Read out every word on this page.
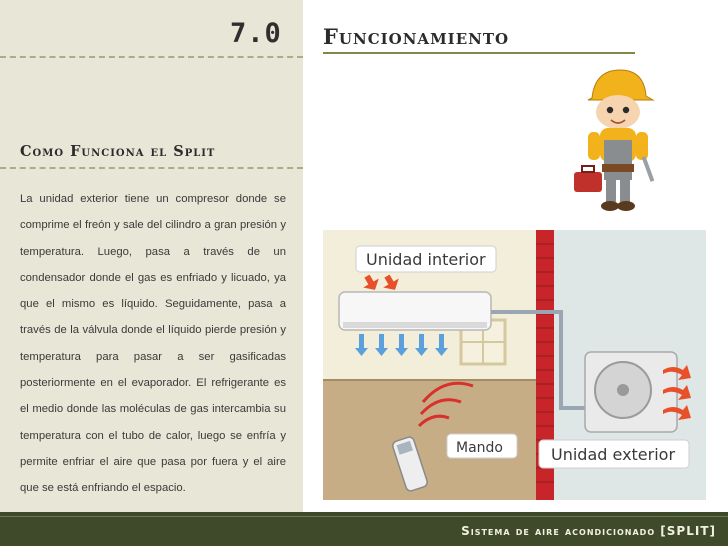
7.0 Funcionamiento
Como Funciona el Split

La unidad exterior tiene un compresor donde se comprime el freón y sale del cilindro a gran presión y temperatura. Luego, pasa a través de un condensador donde el gas es enfriado y licuado, ya que el mismo es líquido. Seguidamente, pasa a través de la válvula donde el líquido pierde presión y temperatura para pasar a ser gasificadas posteriormente en el evaporador. El refrigerante es el medio donde las moléculas de gas intercambia su temperatura con el tubo de calor, luego se enfría y permite enfriar el aire que pasa por fuera y el aire que se está enfriando el espacio.

Unidad interior
Mando	Unidad exterior
Sistema de aire acondicionado [SPLIT]
